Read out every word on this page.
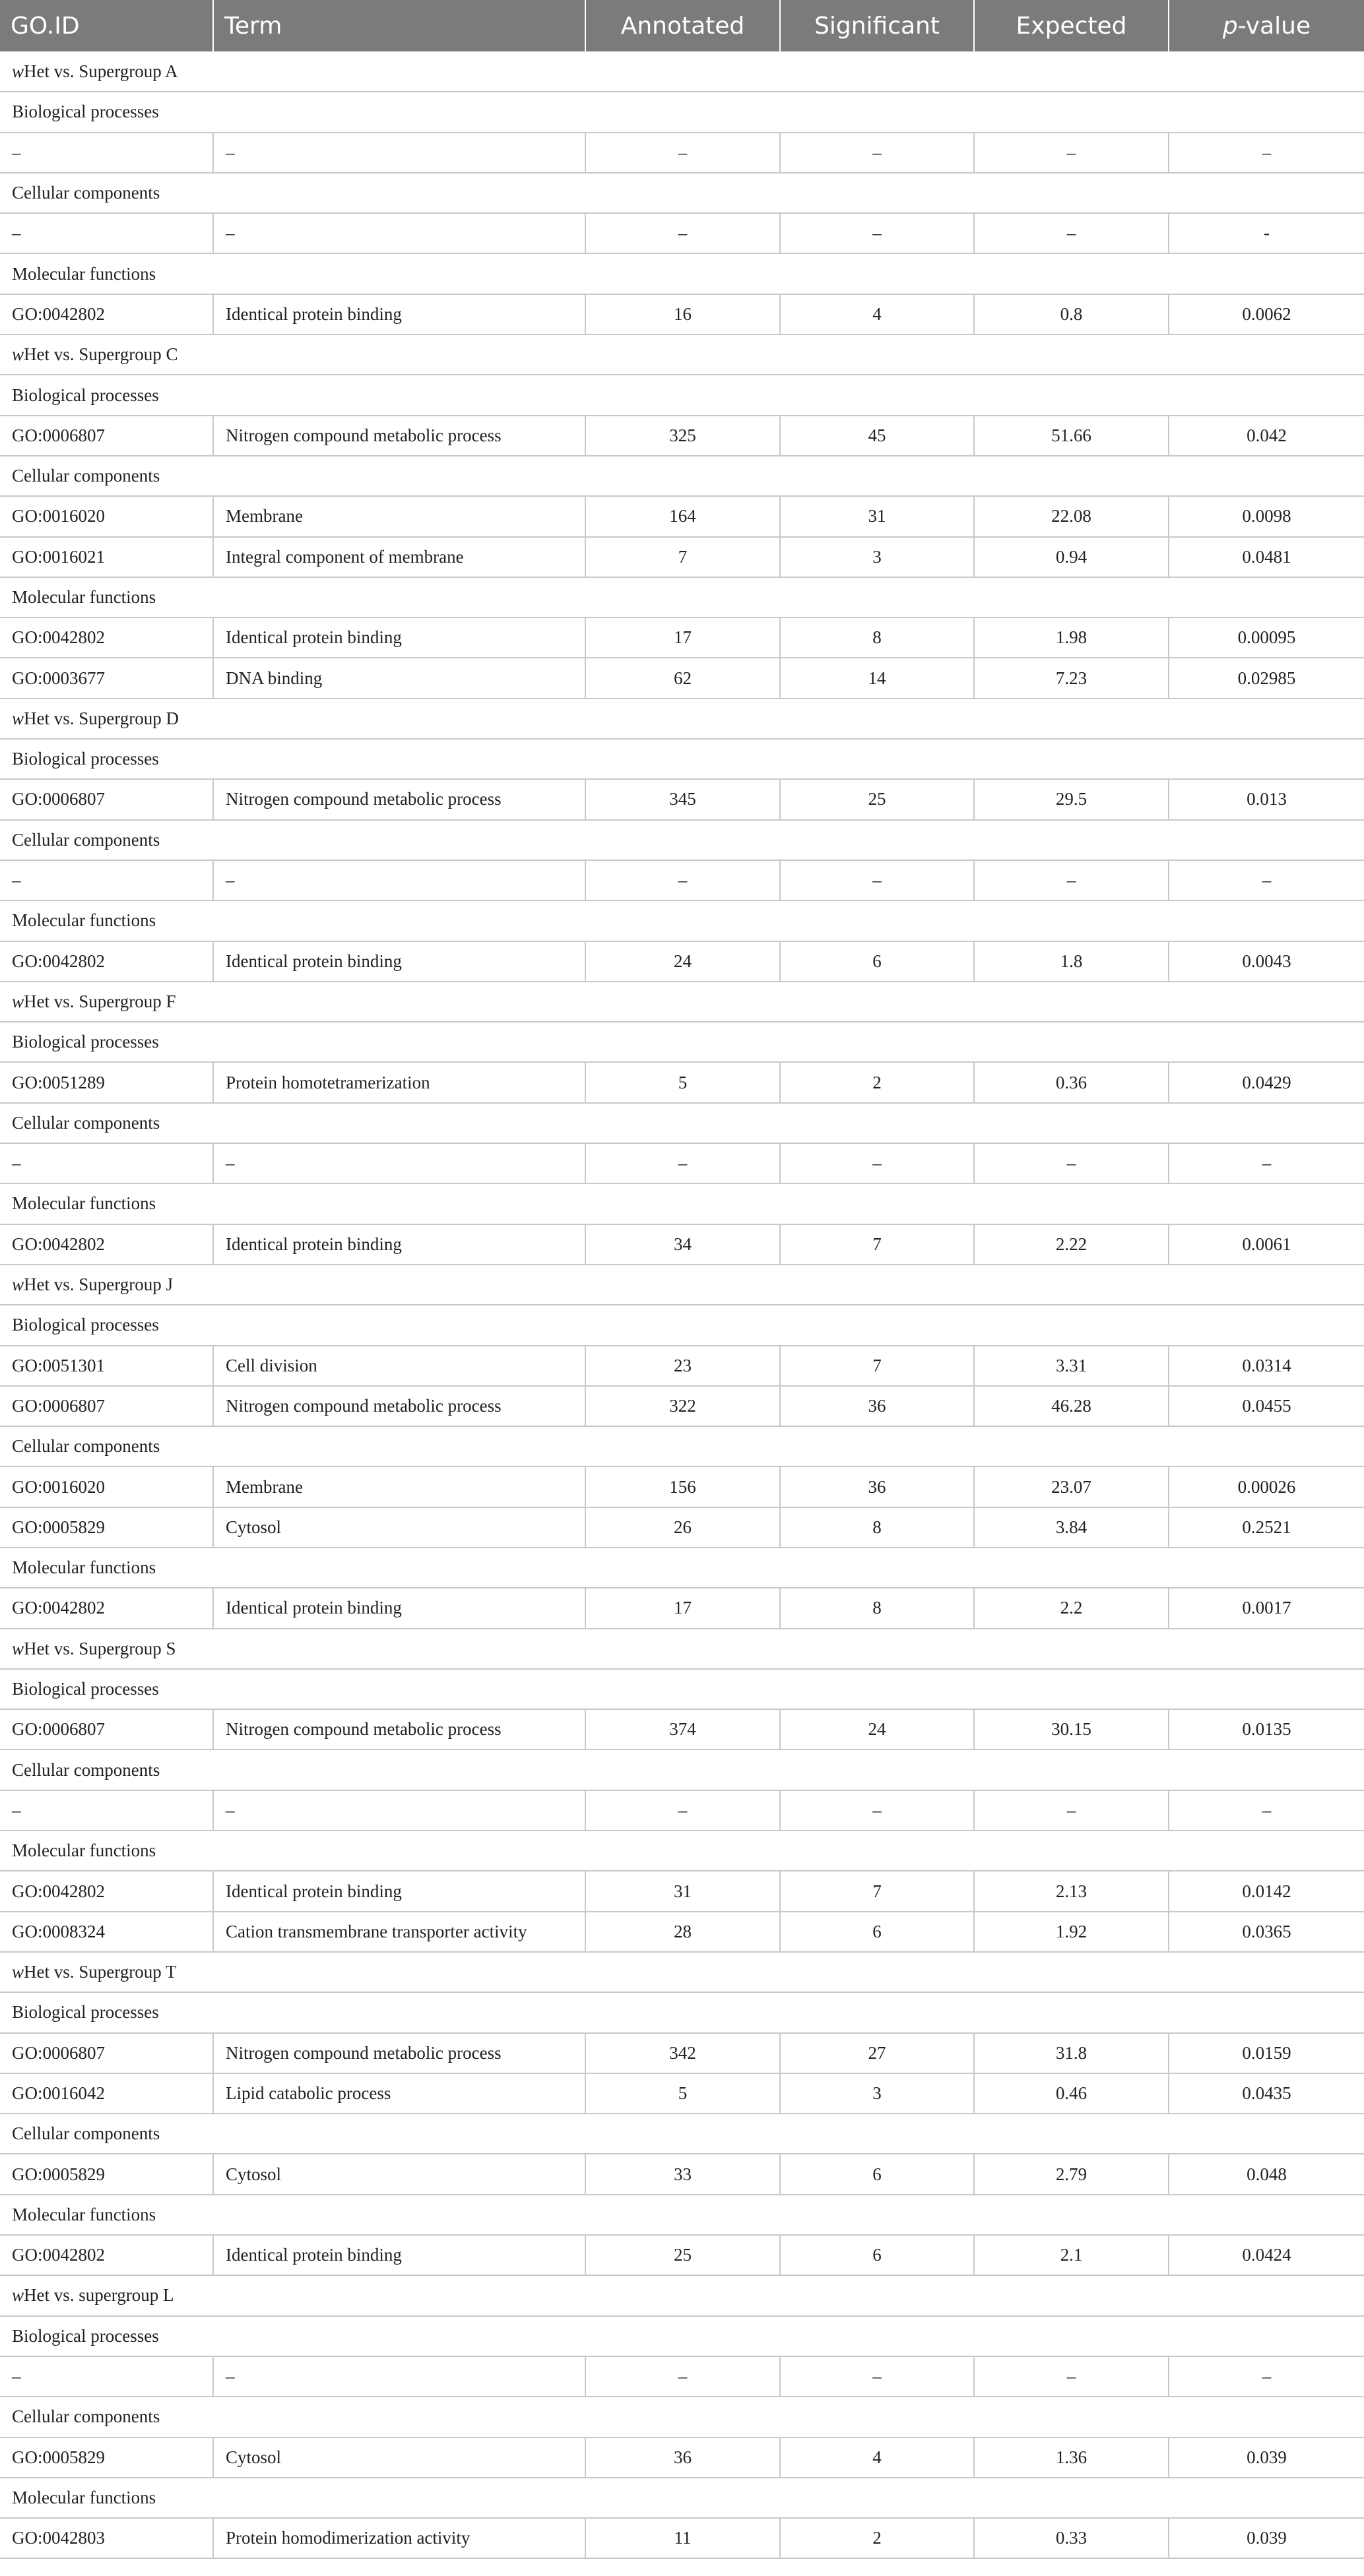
GO.ID	Term	Annotated	Significant	Expected	p-value
wHet vs. Supergroup A					
Biological processes					
–	–	–	–	–	–
Cellular components					
–	–	–	–	–	-
Molecular functions					
GO:0042802	Identical protein binding	16	4	0.8	0.0062
wHet vs. Supergroup C					
Biological processes					
GO:0006807	Nitrogen compound metabolic process	325	45	51.66	0.042
Cellular components					
GO:0016020	Membrane	164	31	22.08	0.0098
GO:0016021	Integral component of membrane	7	3	0.94	0.0481
Molecular functions					
GO:0042802	Identical protein binding	17	8	1.98	0.00095
GO:0003677	DNA binding	62	14	7.23	0.02985
wHet vs. Supergroup D					
Biological processes					
GO:0006807	Nitrogen compound metabolic process	345	25	29.5	0.013
Cellular components					
–	–	–	–	–	–
Molecular functions					
GO:0042802	Identical protein binding	24	6	1.8	0.0043
wHet vs. Supergroup F					
Biological processes					
GO:0051289	Protein homotetramerization	5	2	0.36	0.0429
Cellular components					
–	–	–	–	–	–
Molecular functions					
GO:0042802	Identical protein binding	34	7	2.22	0.0061
wHet vs. Supergroup J					
Biological processes					
GO:0051301	Cell division	23	7	3.31	0.0314
GO:0006807	Nitrogen compound metabolic process	322	36	46.28	0.0455
Cellular components					
GO:0016020	Membrane	156	36	23.07	0.00026
GO:0005829	Cytosol	26	8	3.84	0.2521
Molecular functions					
GO:0042802	Identical protein binding	17	8	2.2	0.0017
wHet vs. Supergroup S					
Biological processes					
GO:0006807	Nitrogen compound metabolic process	374	24	30.15	0.0135
Cellular components					
–	–	–	–	–	–
Molecular functions					
GO:0042802	Identical protein binding	31	7	2.13	0.0142
GO:0008324	Cation transmembrane transporter activity	28	6	1.92	0.0365
wHet vs. Supergroup T					
Biological processes					
GO:0006807	Nitrogen compound metabolic process	342	27	31.8	0.0159
GO:0016042	Lipid catabolic process	5	3	0.46	0.0435
Cellular components					
GO:0005829	Cytosol	33	6	2.79	0.048
Molecular functions					
GO:0042802	Identical protein binding	25	6	2.1	0.0424
wHet vs. supergroup L					
Biological processes					
–	–	–	–	–	–
Cellular components					
GO:0005829	Cytosol	36	4	1.36	0.039
Molecular functions					
GO:0042803	Protein homodimerization activity	11	2	0.33	0.039
